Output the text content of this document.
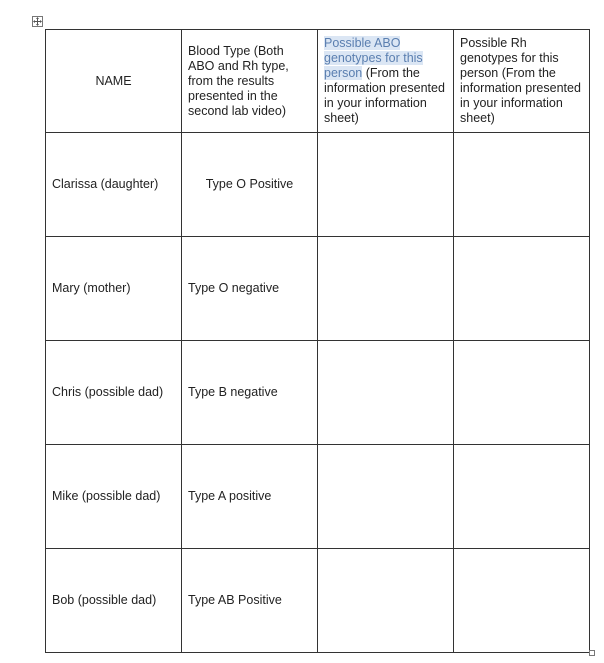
NAME	Blood Type (Both ABO and Rh type, from the results presented in the second lab video)	Possible ABO genotypes for this person (From the information presented in your information sheet)	Possible Rh genotypes for this person (From the information presented in your information sheet)
Clarissa (daughter)	Type O Positive		
Mary (mother)	Type O negative		
Chris (possible dad)	Type B negative		
Mike (possible dad)	Type A positive		
Bob (possible dad)	Type AB Positive		
